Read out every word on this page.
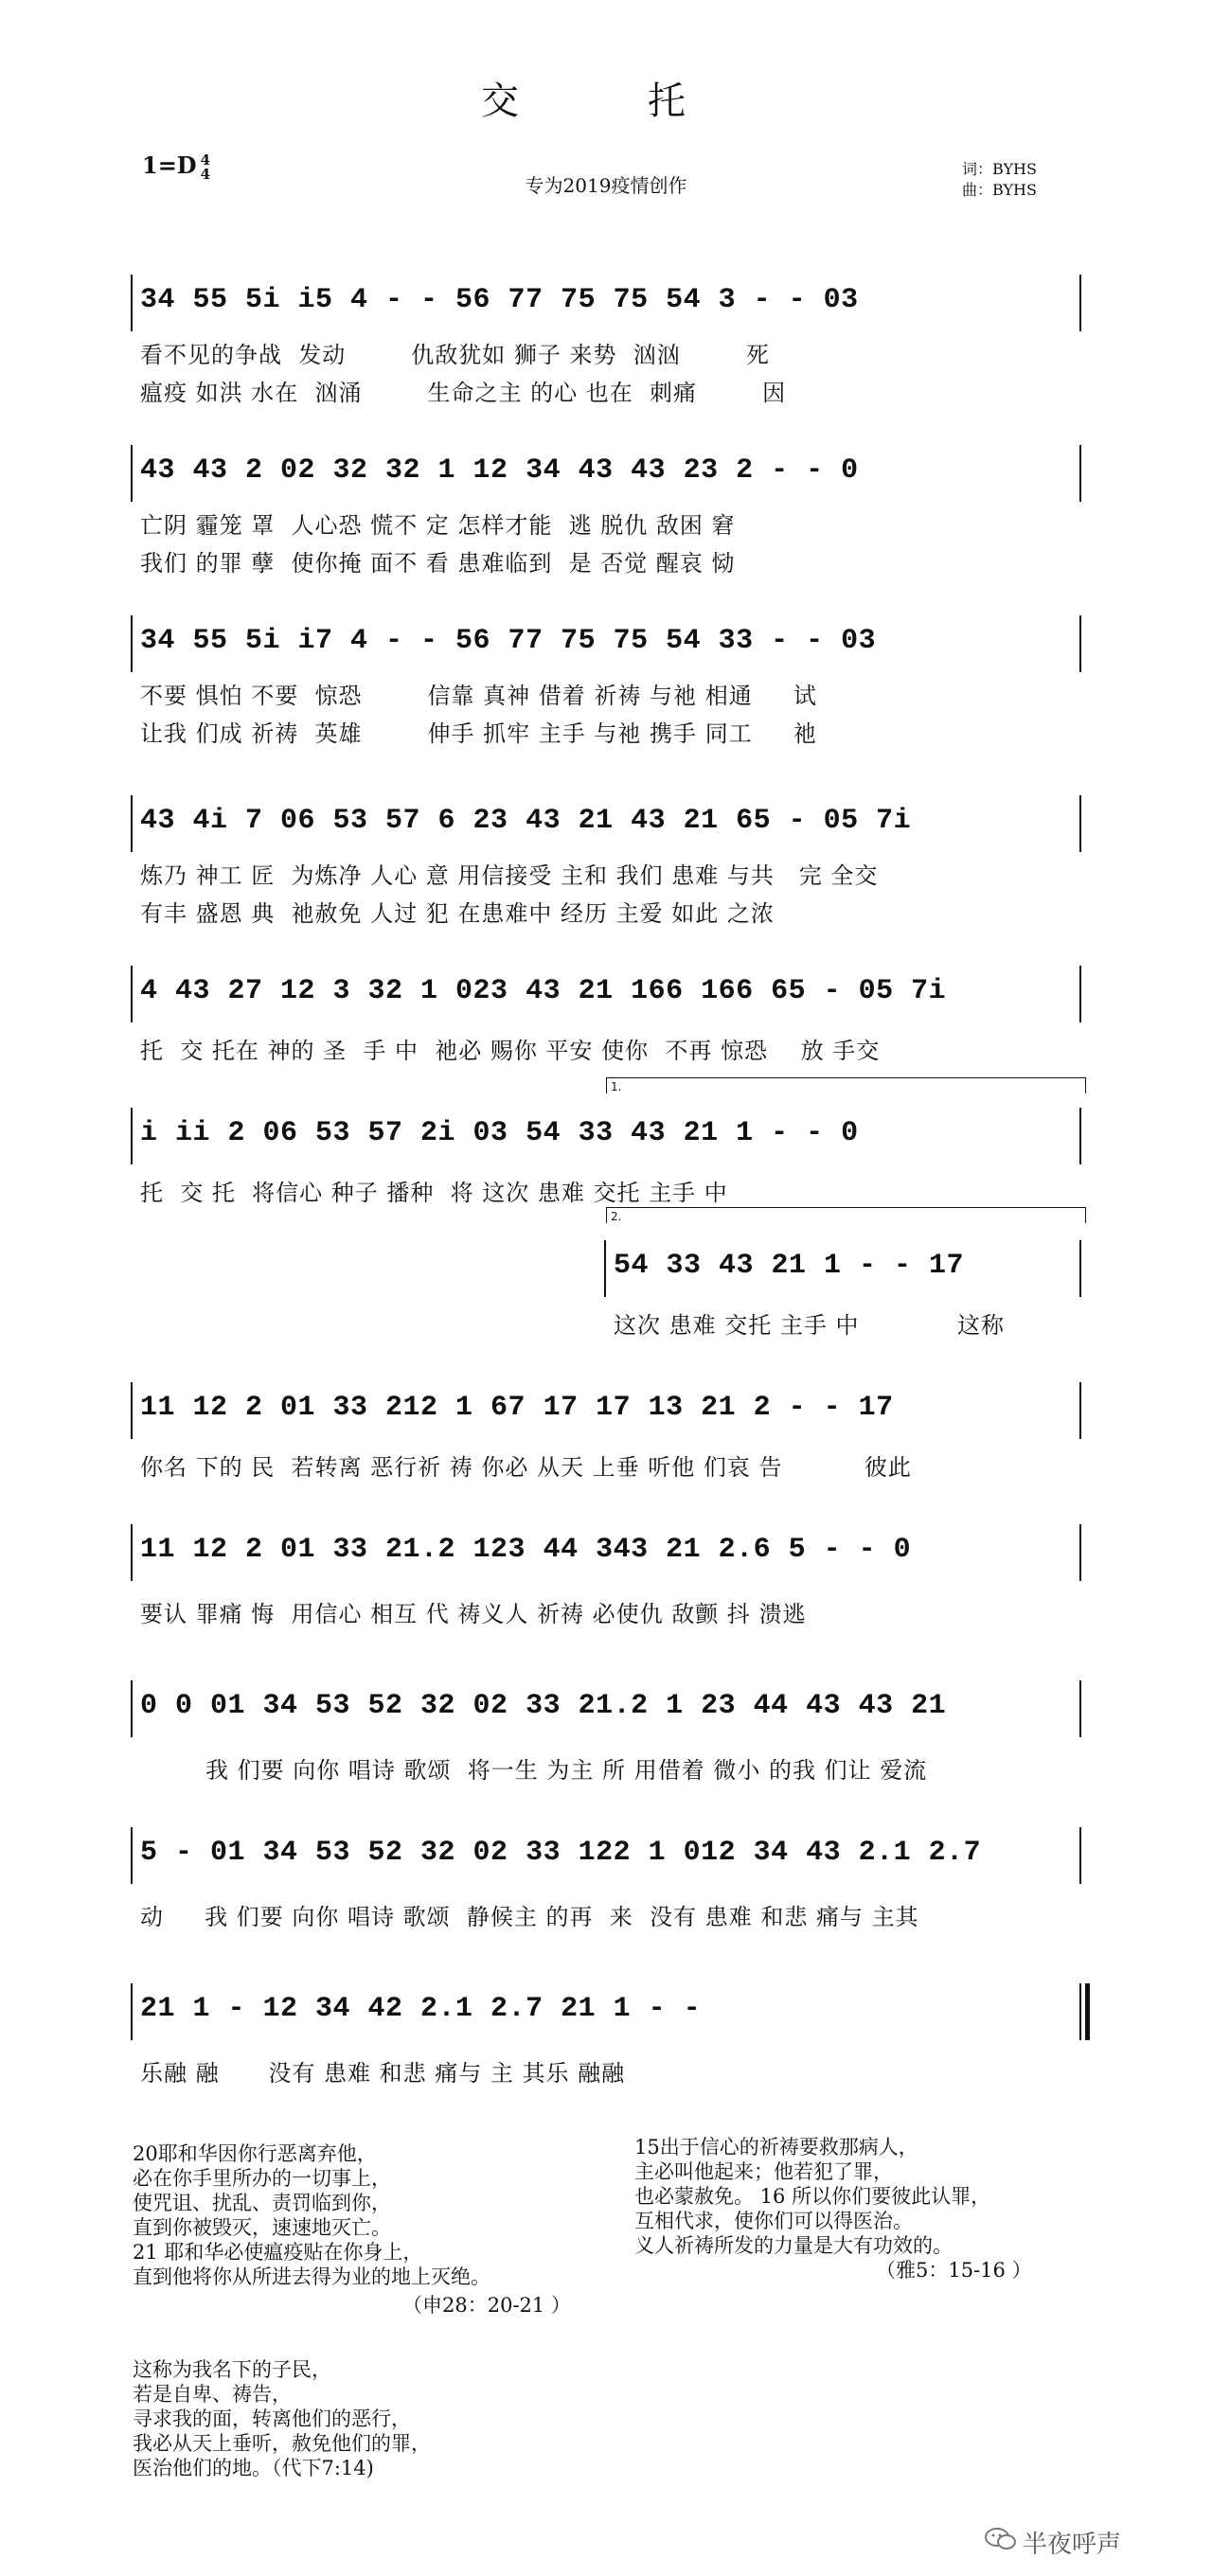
交　托
1=D 4
4
专为2019疫情创作
词：BYHS
曲：BYHS
34 55 5i i5 4 - - 56 77 75 75 54 3 - - 03
看不见的争战  发动        仇敌犹如 狮子 来势  汹汹        死
瘟疫 如洪 水在  汹涌        生命之主 的心 也在  刺痛        因
43 43 2 02 32 32 1 12 34 43 43 23 2 - - 0
亡阴 霾笼 罩  人心恐 慌不 定 怎样才能  逃 脱仇 敌困 窘
我们 的罪 孽  使你掩 面不 看 患难临到  是 否觉 醒哀 恸
34 55 5i i7 4 - - 56 77 75 75 54 33 - - 03
不要 惧怕 不要  惊恐        信靠 真神 借着 祈祷 与祂 相通     试
让我 们成 祈祷  英雄        伸手 抓牢 主手 与祂 携手 同工     祂
43 4i 7 06 53 57 6 23 43 21 43 21 65 - 05 7i
炼乃 神工 匠  为炼净 人心 意 用信接受 主和 我们 患难 与共   完 全交
有丰 盛恩 典  祂赦免 人过 犯 在患难中 经历 主爱 如此 之浓
4 43 27 12 3 32 1 023 43 21 166 166 65 - 05 7i
托  交 托在 神的 圣  手 中  祂必 赐你 平安 使你  不再 惊恐    放 手交
1.
i ii 2 06 53 57 2i 03 54 33 43 21 1 - - 0
托  交 托  将信心 种子 播种  将 这次 患难 交托 主手 中
2.
54 33 43 21 1 - - 17
这次 患难 交托 主手 中            这称
11 12 2 01 33 212 1 67 17 17 13 21 2 - - 17
你名 下的 民  若转离 恶行祈 祷 你必 从天 上垂 听他 们哀 告          彼此
11 12 2 01 33 21.2 123 44 343 21 2.6 5 - - 0
要认 罪痛 悔  用信心 相互 代 祷义人 祈祷 必使仇 敌颤 抖 溃逃
0 0 01 34 53 52 32 02 33 21.2 1 23 44 43 43 21
我 们要 向你 唱诗 歌颂  将一生 为主 所 用借着 微小 的我 们让 爱流
5 - 01 34 53 52 32 02 33 122 1 012 34 43 2.1 2.7
动     我 们要 向你 唱诗 歌颂  静候主 的再  来  没有 患难 和悲 痛与 主其
21 1 - 12 34 42 2.1 2.7 21 1 - -
乐融 融      没有 患难 和悲 痛与 主 其乐 融融
20耶和华因你行恶离弃他，
必在你手里所办的一切事上，
使咒诅、扰乱、责罚临到你，
直到你被毁灭，速速地灭亡。
21 耶和华必使瘟疫贴在你身上，
直到他将你从所进去得为业的地上灭绝。
（申28：20-21 ）
15出于信心的祈祷要救那病人，
主必叫他起来；他若犯了罪，
也必蒙赦免。 16 所以你们要彼此认罪，
互相代求，使你们可以得医治。
义人祈祷所发的力量是大有功效的。
（雅5：15-16 ）
这称为我名下的子民，
若是自卑、祷告，
寻求我的面，转离他们的恶行，
我必从天上垂听，赦免他们的罪，
医治他们的地。（代下7:14)
半夜呼声
